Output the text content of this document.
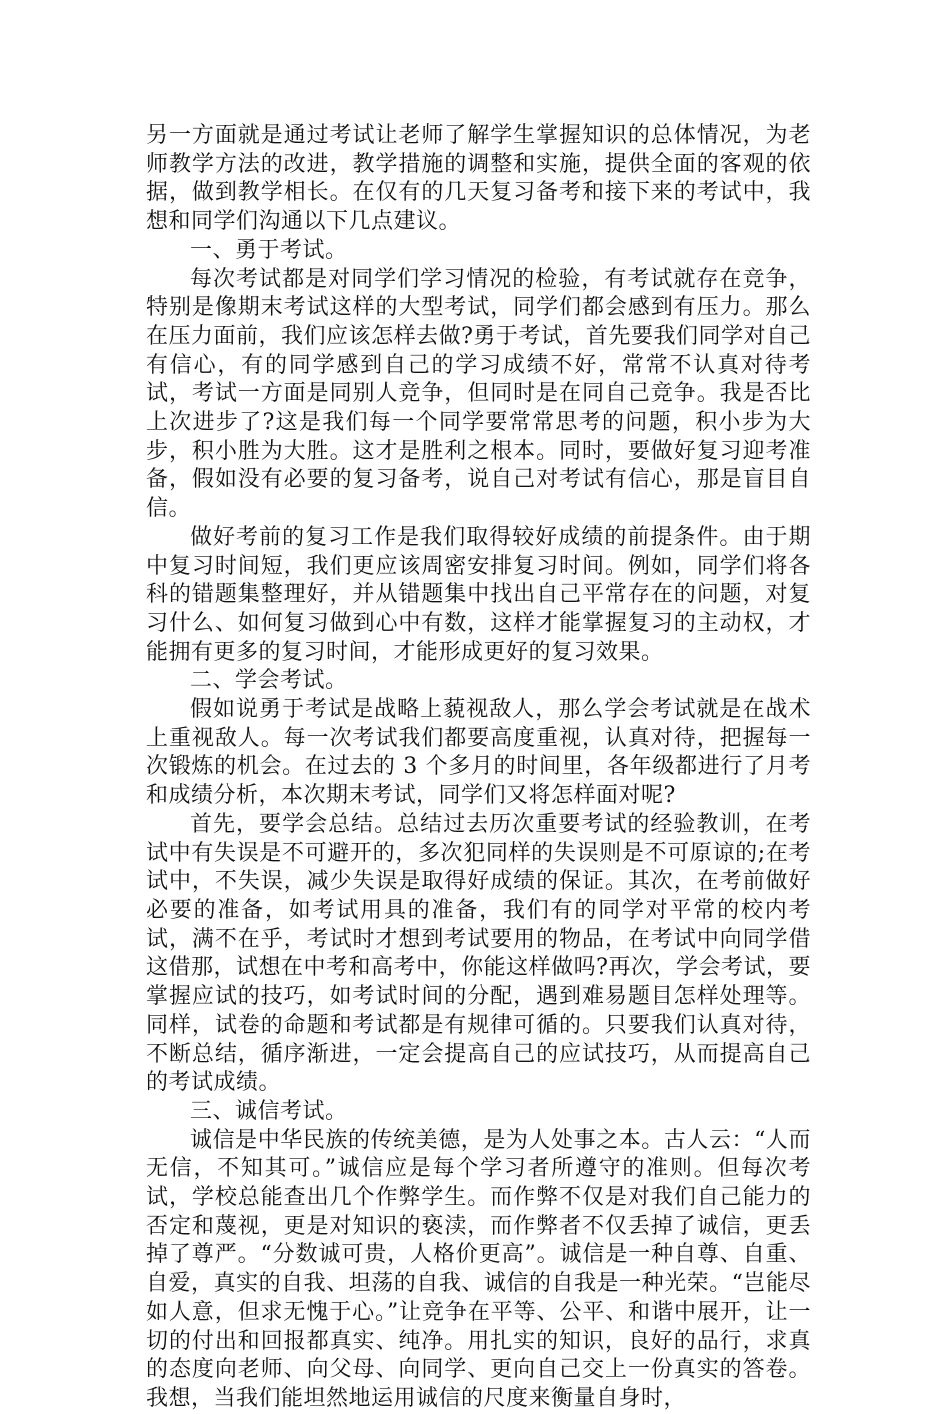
另一方面就是通过考试让老师了解学生掌握知识的总体情况，为老师教学方法的改进，教学措施的调整和实施，提供全面的客观的依据，做到教学相长。在仅有的几天复习备考和接下来的考试中，我想和同学们沟通以下几点建议。

一、勇于考试。

每次考试都是对同学们学习情况的检验，有考试就存在竞争，特别是像期末考试这样的大型考试，同学们都会感到有压力。那么在压力面前，我们应该怎样去做?勇于考试，首先要我们同学对自己有信心，有的同学感到自己的学习成绩不好，常常不认真对待考试，考试一方面是同别人竞争，但同时是在同自己竞争。我是否比上次进步了?这是我们每一个同学要常常思考的问题，积小步为大步，积小胜为大胜。这才是胜利之根本。同时，要做好复习迎考准备，假如没有必要的复习备考，说自己对考试有信心，那是盲目自信。

做好考前的复习工作是我们取得较好成绩的前提条件。由于期中复习时间短，我们更应该周密安排复习时间。例如，同学们将各科的错题集整理好，并从错题集中找出自己平常存在的问题，对复习什么、如何复习做到心中有数，这样才能掌握复习的主动权，才能拥有更多的复习时间，才能形成更好的复习效果。

二、学会考试。

假如说勇于考试是战略上藐视敌人，那么学会考试就是在战术上重视敌人。每一次考试我们都要高度重视，认真对待，把握每一次锻炼的机会。在过去的 3 个多月的时间里，各年级都进行了月考和成绩分析，本次期末考试，同学们又将怎样面对呢?

首先，要学会总结。总结过去历次重要考试的经验教训，在考试中有失误是不可避开的，多次犯同样的失误则是不可原谅的;在考试中，不失误，减少失误是取得好成绩的保证。其次，在考前做好必要的准备，如考试用具的准备，我们有的同学对平常的校内考试，满不在乎，考试时才想到考试要用的物品，在考试中向同学借这借那，试想在中考和高考中，你能这样做吗?再次，学会考试，要掌握应试的技巧，如考试时间的分配，遇到难易题目怎样处理等。同样，试卷的命题和考试都是有规律可循的。只要我们认真对待，不断总结，循序渐进，一定会提高自己的应试技巧，从而提高自己的考试成绩。

三、诚信考试。

诚信是中华民族的传统美德，是为人处事之本。古人云：“人而无信，不知其可。”诚信应是每个学习者所遵守的准则。但每次考试，学校总能查出几个作弊学生。而作弊不仅是对我们自己能力的否定和蔑视，更是对知识的亵渎，而作弊者不仅丢掉了诚信，更丢掉了尊严。“分数诚可贵，人格价更高”。诚信是一种自尊、自重、自爱，真实的自我、坦荡的自我、诚信的自我是一种光荣。“岂能尽如人意，但求无愧于心。”让竞争在平等、公平、和谐中展开，让一切的付出和回报都真实、纯净。用扎实的知识，良好的品行，求真的态度向老师、向父母、向同学、更向自己交上一份真实的答卷。我想，当我们能坦然地运用诚信的尺度来衡量自身时，
